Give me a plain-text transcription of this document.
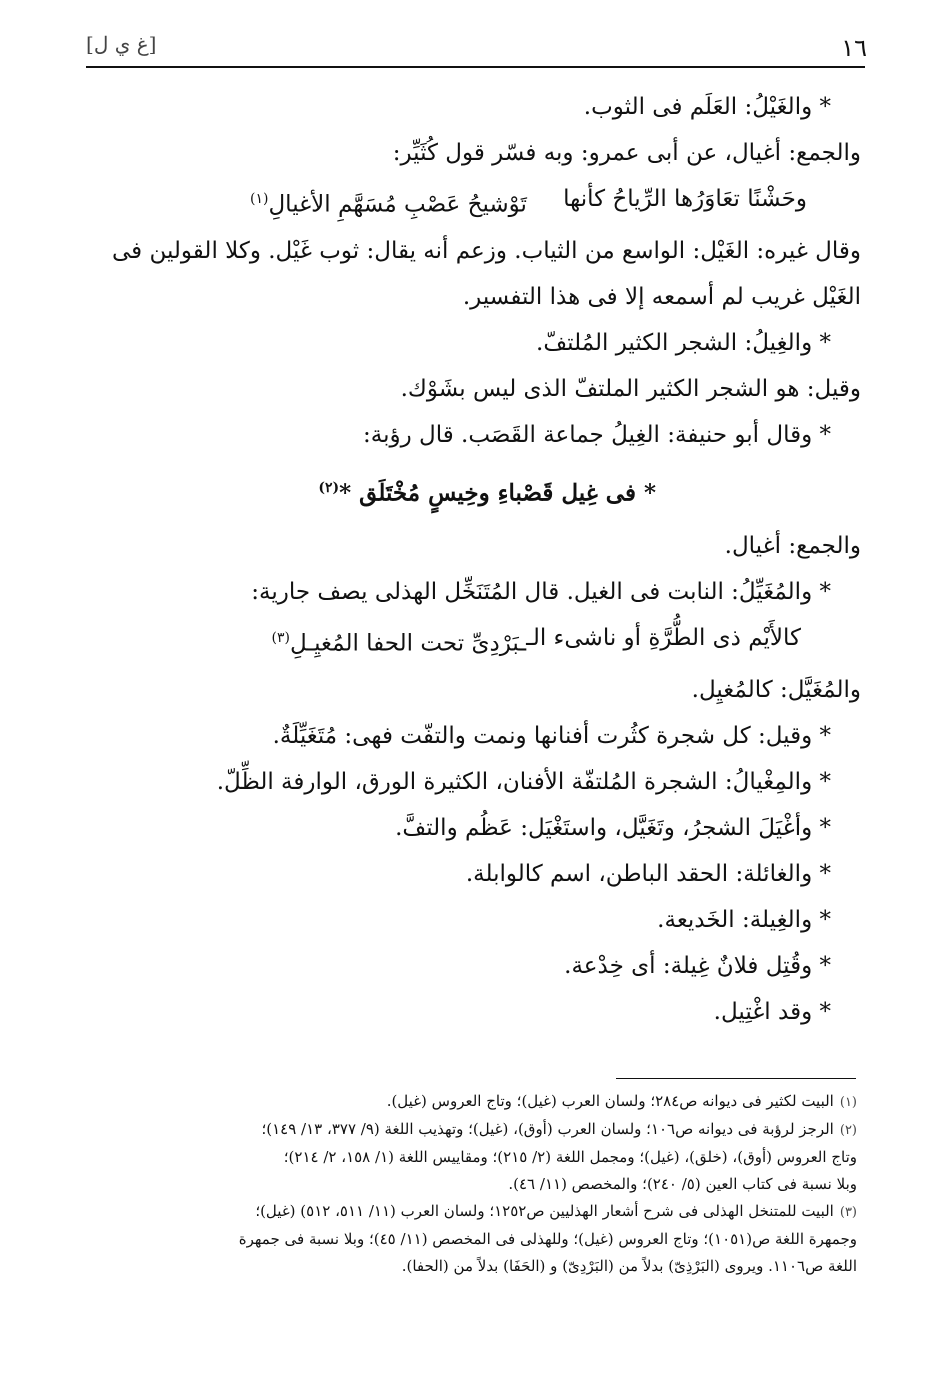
١٦
[غ ي ل]
* والغَيْلُ: العَلَم فى الثوب.
والجمع: أغيال، عن أبى عمرو: وبه فسّر قول كُثَيِّر:
وحَشْنًا تعَاوَرُها الرِّياحُ كأنها
تَوْشيحُ عَصْبِ مُسَهَّمِ الأغيالِ$^{(١)}$
وقال غيره: الغَيْل: الواسع من الثياب. وزعم أنه يقال: ثوب غَيْل. وكلا القولين فى
الغَيْل غريب لم أسمعه إلا فى هذا التفسير.
* والغِيلُ: الشجر الكثير المُلتفّ.
وقيل: هو الشجر الكثير الملتفّ الذى ليس بشَوْك.
* وقال أبو حنيفة: الغِيلُ جماعة القَصَب. قال رؤبة:
* فى غِيل قَصْباءِ وخِيسٍ مُخْتَلَق *$^{(٢)}$
والجمع: أغيال.
* والمُغَيِّلُ: النابت فى الغيل. قال المُتَنَخِّل الهذلى يصف جارية:
كالأَيْم ذى الطُّرَّةِ أو ناشىء الـ
ـبَرْدِىِّ تحت الحفا المُغيِـلِ$^{(٣)}$
والمُغَيَّل: كالمُغيِل.
* وقيل: كل شجرة كثُرت أفنانها ونمت والتفّت فهى: مُتَغَيِّلَةٌ.
* والمِغْيالُ: الشجرة المُلتفّة الأفنان، الكثيرة الورق، الوارفة الظِّلّ.
* وأغْيَلَ الشجرُ، وتَغَيَّل، واستَغْيَل: عَظُم والتفَّ.
* والغائلة: الحقد الباطن، اسم كالوابلة.
* والغِيلة: الخَديعة.
* وقُتِل فلانٌ غِيلة: أى خِدْعة.
* وقد اغْتِيل.
(١)البيت لكثير فى ديوانه ص٢٨٤؛ ولسان العرب (غيل)؛ وتاج العروس (غيل).
(٢)الرجز لرؤبة فى ديوانه ص١٠٦؛ ولسان العرب (أوق)، (غيل)؛ وتهذيب اللغة (٩/ ٣٧٧، ١٣/ ١٤٩)؛
وتاج العروس (أوق)، (خلق)، (غيل)؛ ومجمل اللغة (٢/ ٢١٥)؛ ومقاييس اللغة (١/ ١٥٨، ٢/ ٢١٤)؛
وبلا نسبة فى كتاب العين (٥/ ٢٤٠)؛ والمخصص (١١/ ٤٦).
(٣)البيت للمتنخل الهذلى فى شرح أشعار الهذليين ص١٢٥٢؛ ولسان العرب (١١/ ٥١١، ٥١٢) (غيل)؛
وجمهرة اللغة ص(١٠٥١)؛ وتاج العروس (غيل)؛ وللهذلى فى المخصص (١١/ ٤٥)؛ وبلا نسبة فى جمهرة
اللغة ص١١٠٦. ويروى (البَرْذِىّ) بدلاً من (البَرْدِىّ) و (الحَفَا) بدلاً من (الحفا).
